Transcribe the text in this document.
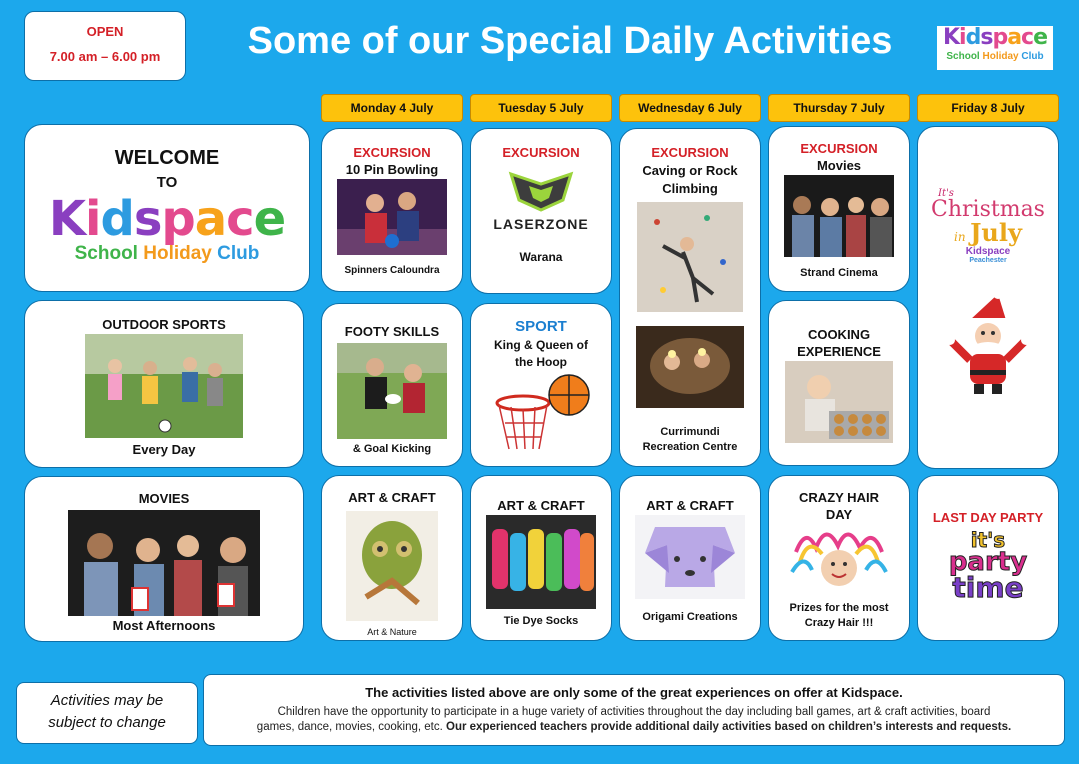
OPEN
7.00 am – 6.00 pm	Some of our Special Daily Activities	Kidspace
School Holiday Club
Monday 4 July	Tuesday 5 July	Wednesday 6 July	Thursday 7 July	Friday 8 July
WELCOME
TO
Kidspace
School Holiday Club
OUTDOOR SPORTS
Every Day
MOVIES
Most Afternoons
EXCURSION
10 Pin Bowling
Spinners Caloundra
FOOTY SKILLS
& Goal Kicking
ART & CRAFT
Art & Nature
EXCURSION
LASERZONE
Warana
SPORT
King & Queen of the Hoop
ART & CRAFT
Tie Dye Socks
EXCURSION
Caving or Rock Climbing
Currimundi
Recreation Centre
ART & CRAFT
Origami Creations
EXCURSION
Movies
Strand Cinema
COOKING
EXPERIENCE
CRAZY HAIR
DAY
Prizes for the most
Crazy Hair !!!
It's
Christmas
in July
Kidspace
Peachester
LAST DAY PARTY
it's
party
time
Activities may be
subject to change
The activities listed above are only some of the great experiences on offer at Kidspace.
Children have the opportunity to participate in a huge variety of activities throughout the day including ball games, art & craft activities, board
games, dance, movies, cooking, etc. Our experienced teachers provide additional daily activities based on children’s interests and requests.
